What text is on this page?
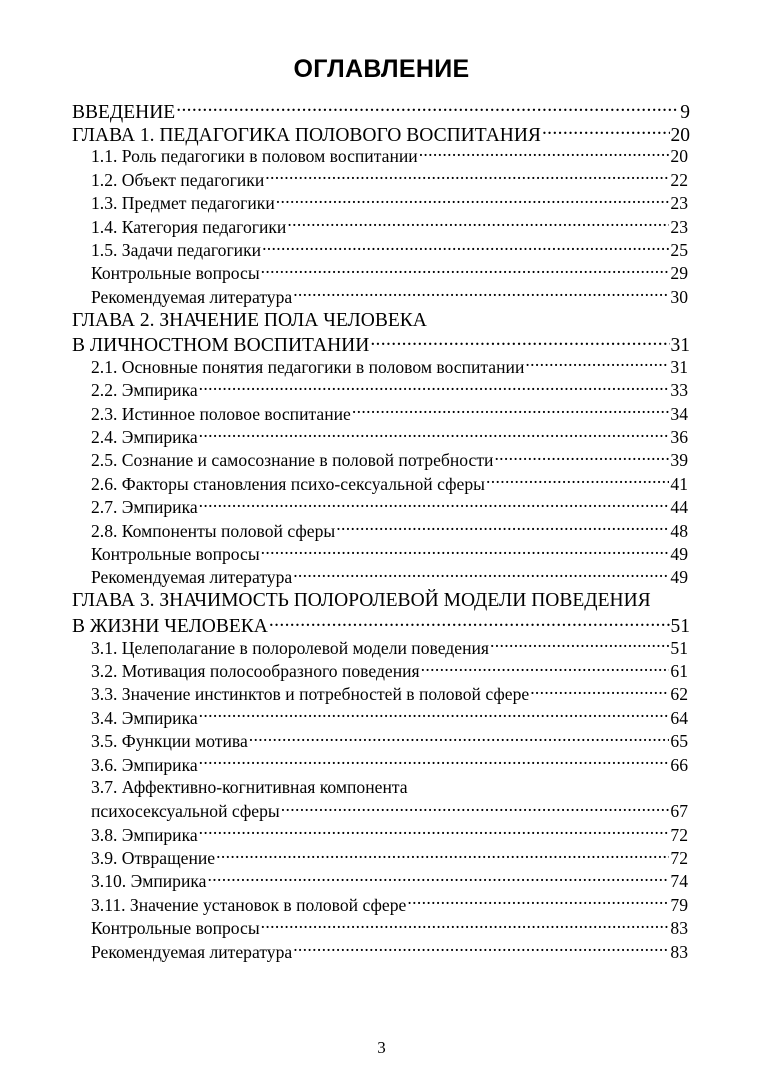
ОГЛАВЛЕНИЕ
ВВЕДЕНИЕ .....	9
ГЛАВА 1. ПЕДАГОГИКА ПОЛОВОГО ВОСПИТАНИЯ .....	20
1.1. Роль педагогики в половом воспитании .....	20
1.2. Объект педагогики .....	22
1.3. Предмет педагогики .....	23
1.4. Категория педагогики .....	23
1.5. Задачи педагогики .....	25
Контрольные вопросы .....	29
Рекомендуемая литература .....	30
ГЛАВА 2. ЗНАЧЕНИЕ ПОЛА ЧЕЛОВЕКА
В ЛИЧНОСТНОМ ВОСПИТАНИИ .....	31
2.1. Основные понятия педагогики в половом воспитании .....	31
2.2. Эмпирика .....	33
2.3. Истинное половое воспитание .....	34
2.4. Эмпирика .....	36
2.5. Сознание и самосознание в половой потребности .....	39
2.6. Факторы становления психо-сексуальной сферы .....	41
2.7. Эмпирика .....	44
2.8. Компоненты половой сферы .....	48
Контрольные вопросы .....	49
Рекомендуемая литература .....	49
ГЛАВА 3. ЗНАЧИМОСТЬ ПОЛОРОЛЕВОЙ МОДЕЛИ ПОВЕДЕНИЯ
В ЖИЗНИ ЧЕЛОВЕКА .....	51
3.1. Целеполагание в полоролевой модели поведения .....	51
3.2. Мотивация полосообразного поведения .....	61
3.3. Значение инстинктов и потребностей в половой сфере .....	62
3.4. Эмпирика .....	64
3.5. Функции мотива .....	65
3.6. Эмпирика .....	66
3.7. Аффективно-когнитивная компонента
психосексуальной сферы .....	67
3.8. Эмпирика .....	72
3.9. Отвращение .....	72
3.10. Эмпирика .....	74
3.11. Значение установок в половой сфере .....	79
Контрольные вопросы .....	83
Рекомендуемая литература .....	83
3
